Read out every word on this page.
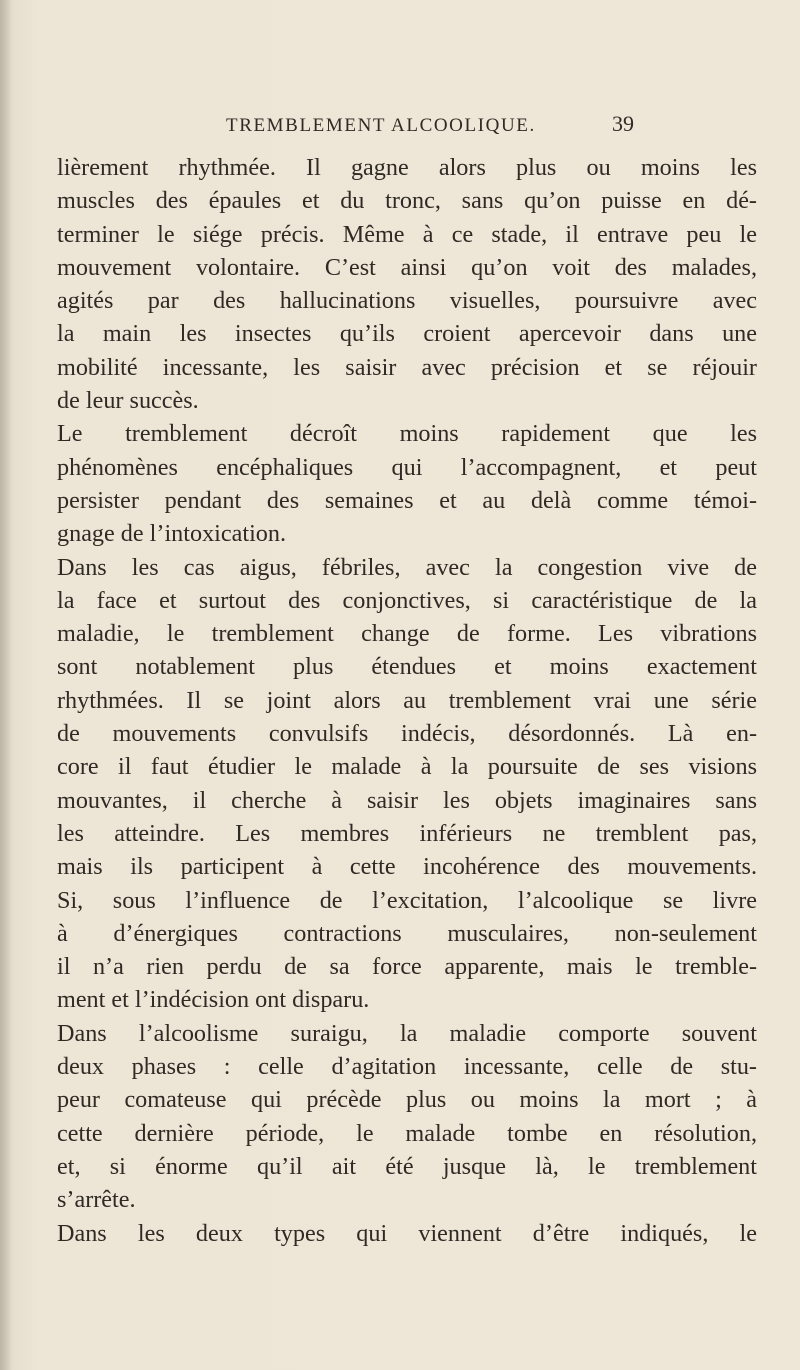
TREMBLEMENT ALCOOLIQUE.	39
lièrement rhythmée. Il gagne alors plus ou moins les
muscles des épaules et du tronc, sans qu’on puisse en dé-
terminer le siége précis. Même à ce stade, il entrave peu le
mouvement volontaire. C’est ainsi qu’on voit des malades,
agités par des hallucinations visuelles, poursuivre avec
la main les insectes qu’ils croient apercevoir dans une
mobilité incessante, les saisir avec précision et se réjouir
de leur succès.
Le tremblement décroît moins rapidement que les
phénomènes encéphaliques qui l’accompagnent, et peut
persister pendant des semaines et au delà comme témoi-
gnage de l’intoxication.
Dans les cas aigus, fébriles, avec la congestion vive de
la face et surtout des conjonctives, si caractéristique de la
maladie, le tremblement change de forme. Les vibrations
sont notablement plus étendues et moins exactement
rhythmées. Il se joint alors au tremblement vrai une série
de mouvements convulsifs indécis, désordonnés. Là en-
core il faut étudier le malade à la poursuite de ses visions
mouvantes, il cherche à saisir les objets imaginaires sans
les atteindre. Les membres inférieurs ne tremblent pas,
mais ils participent à cette incohérence des mouvements.
Si, sous l’influence de l’excitation, l’alcoolique se livre
à d’énergiques contractions musculaires, non-seulement
il n’a rien perdu de sa force apparente, mais le tremble-
ment et l’indécision ont disparu.
Dans l’alcoolisme suraigu, la maladie comporte souvent
deux phases : celle d’agitation incessante, celle de stu-
peur comateuse qui précède plus ou moins la mort ; à
cette dernière période, le malade tombe en résolution,
et, si énorme qu’il ait été jusque là, le tremblement
s’arrête.
Dans les deux types qui viennent d’être indiqués, le
